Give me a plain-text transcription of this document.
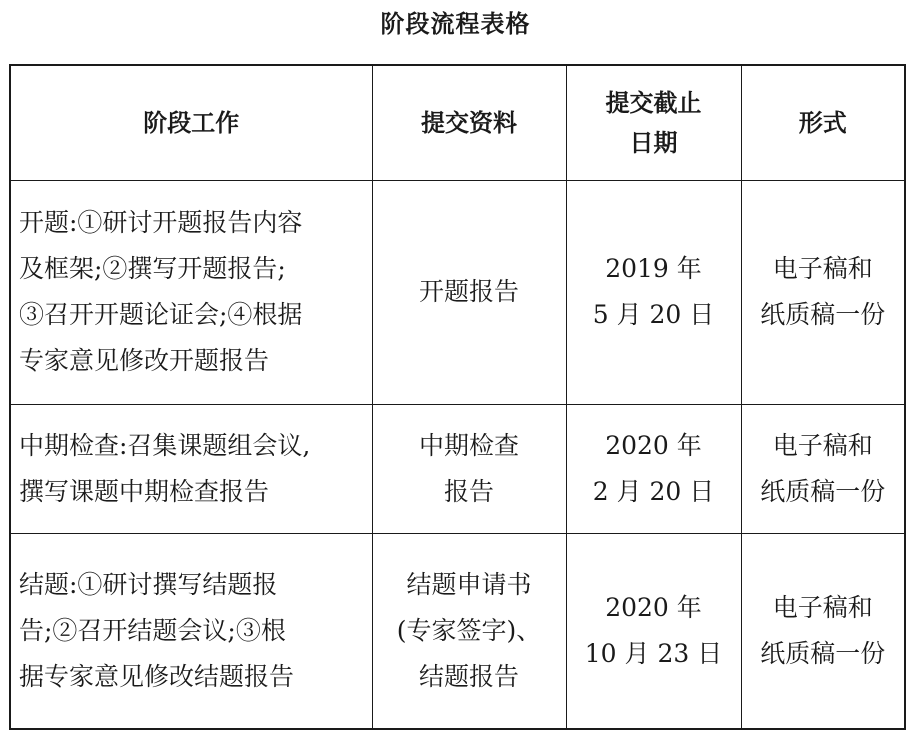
阶段流程表格
阶段工作	提交资料	提交截止
日期	形式

开题:①研讨开题报告内容
及框架;②撰写开题报告;
③召开开题论证会;④根据
专家意见修改开题报告	开题报告	2019 年
5 月 20 日	电子稿和
纸质稿一份

中期检查:召集课题组会议,
撰写课题中期检查报告	中期检查
报告	2020 年
2 月 20 日	电子稿和
纸质稿一份

结题:①研讨撰写结题报
告;②召开结题会议;③根
据专家意见修改结题报告	结题申请书
(专家签字)、
结题报告	2020 年
10 月 23 日	电子稿和
纸质稿一份
